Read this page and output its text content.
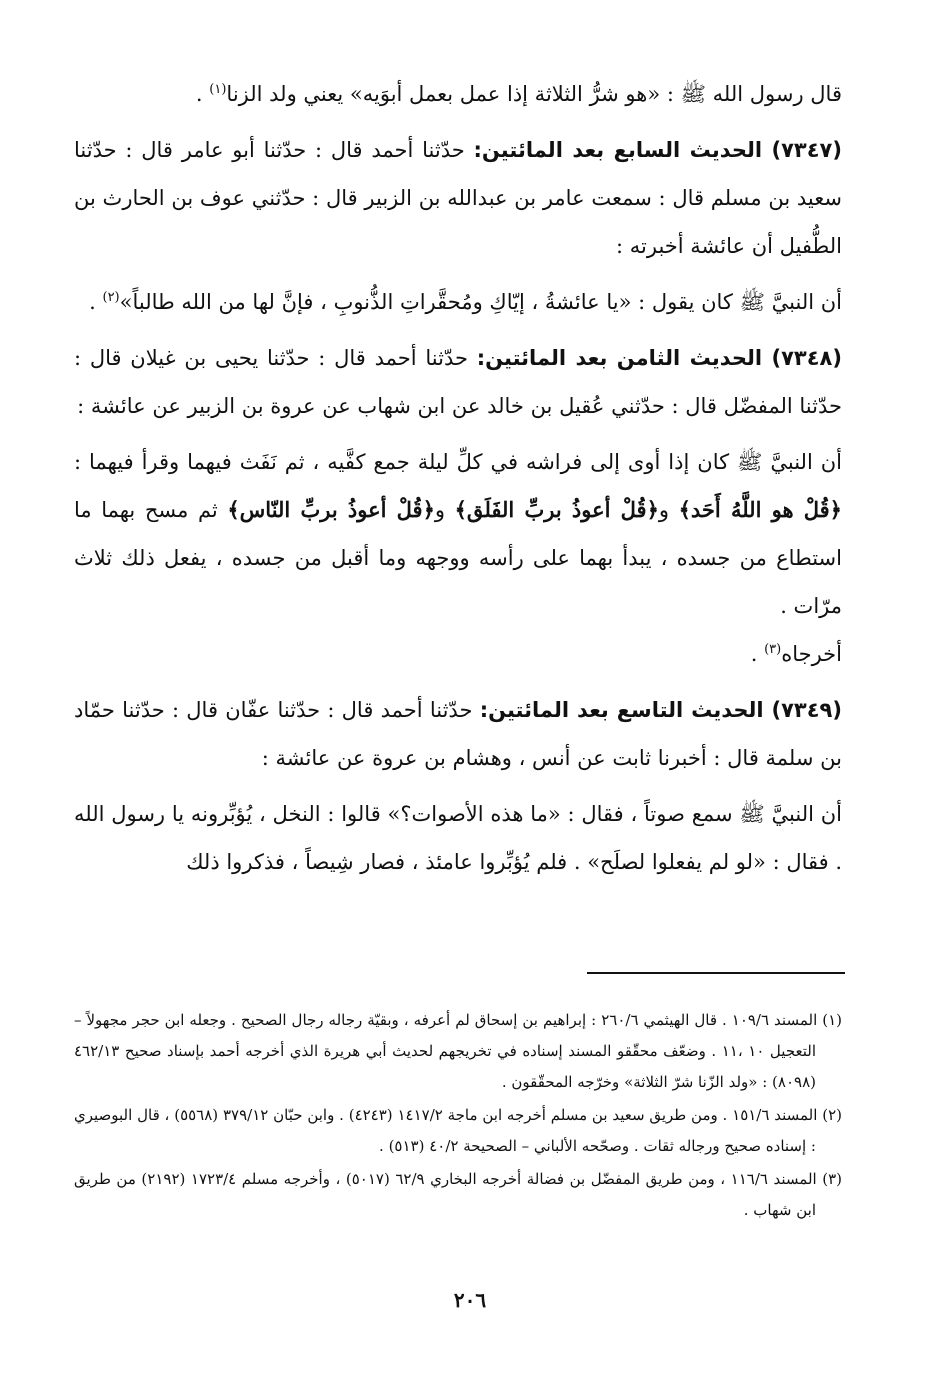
قال رسول الله ﷺ : «هو شرُّ الثلاثة إذا عمل بعمل أبوَيه» يعني ولد الزنا$^{(١)}$ .

(٧٣٤٧) الحديث السابع بعد المائتين: حدّثنا أحمد قال : حدّثنا أبو عامر قال : حدّثنا سعيد بن مسلم قال : سمعت عامر بن عبدالله بن الزبير قال : حدّثني عوف بن الحارث بن الطُّفيل أن عائشة أخبرته :

أن النبيَّ ﷺ كان يقول : «يا عائشةُ ، إيّاكِ ومُحقَّراتِ الذُّنوبِ ، فإنَّ لها من الله طالباً»$^{(٢)}$ .

(٧٣٤٨) الحديث الثامن بعد المائتين: حدّثنا أحمد قال : حدّثنا يحيى بن غيلان قال : حدّثنا المفضّل قال : حدّثني عُقيل بن خالد عن ابن شهاب عن عروة بن الزبير عن عائشة :

أن النبيَّ ﷺ كان إذا أوى إلى فراشه في كلِّ ليلة جمع كفَّيه ، ثم نَفَث فيهما وقرأ فيهما : ﴿قُلْ هو اللَّهُ أَحَد﴾ و﴿قُلْ أعوذُ بربِّ الفَلَق﴾ و﴿قُلْ أعوذُ بربِّ النّاس﴾ ثم مسح بهما ما استطاع من جسده ، يبدأ بهما على رأسه ووجهه وما أقبل من جسده ، يفعل ذلك ثلاث مرّات .

أخرجاه$^{(٣)}$ .

(٧٣٤٩) الحديث التاسع بعد المائتين: حدّثنا أحمد قال : حدّثنا عفّان قال : حدّثنا حمّاد بن سلمة قال : أخبرنا ثابت عن أنس ، وهشام بن عروة عن عائشة :

أن النبيَّ ﷺ سمع صوتاً ، فقال : «ما هذه الأصوات؟» قالوا : النخل ، يُؤبِّرونه يا رسول الله . فقال : «لو لم يفعلوا لصلَح» . فلم يُؤبِّروا عامئذ ، فصار شِيصاً ، فذكروا ذلك

(١) المسند ١٠٩/٦ . قال الهيثمي ٢٦٠/٦ : إبراهيم بن إسحاق لم أعرفه ، وبقيّة رجاله رجال الصحيح . وجعله ابن حجر مجهولاً – التعجيل ١٠ ،١١ . وضعّف محقّقو المسند إسناده في تخريجهم لحديث أبي هريرة الذي أخرجه أحمد بإسناد صحيح ٤٦٢/١٣ (٨٠٩٨) : «ولد الزّنا شرّ الثلاثة» وخرّجه المحقّقون .

(٢) المسند ١٥١/٦ . ومن طريق سعيد بن مسلم أخرجه ابن ماجة ١٤١٧/٢ (٤٢٤٣) . وابن حبّان ٣٧٩/١٢ (٥٥٦٨) ، قال البوصيري : إسناده صحيح ورجاله ثقات . وصحّحه الألباني – الصحيحة ٤٠/٢ (٥١٣) .

(٣) المسند ١١٦/٦ ، ومن طريق المفضّل بن فضالة أخرجه البخاري ٦٢/٩ (٥٠١٧) ، وأخرجه مسلم ١٧٢٣/٤ (٢١٩٢) من طريق ابن شهاب .

٢٠٦
